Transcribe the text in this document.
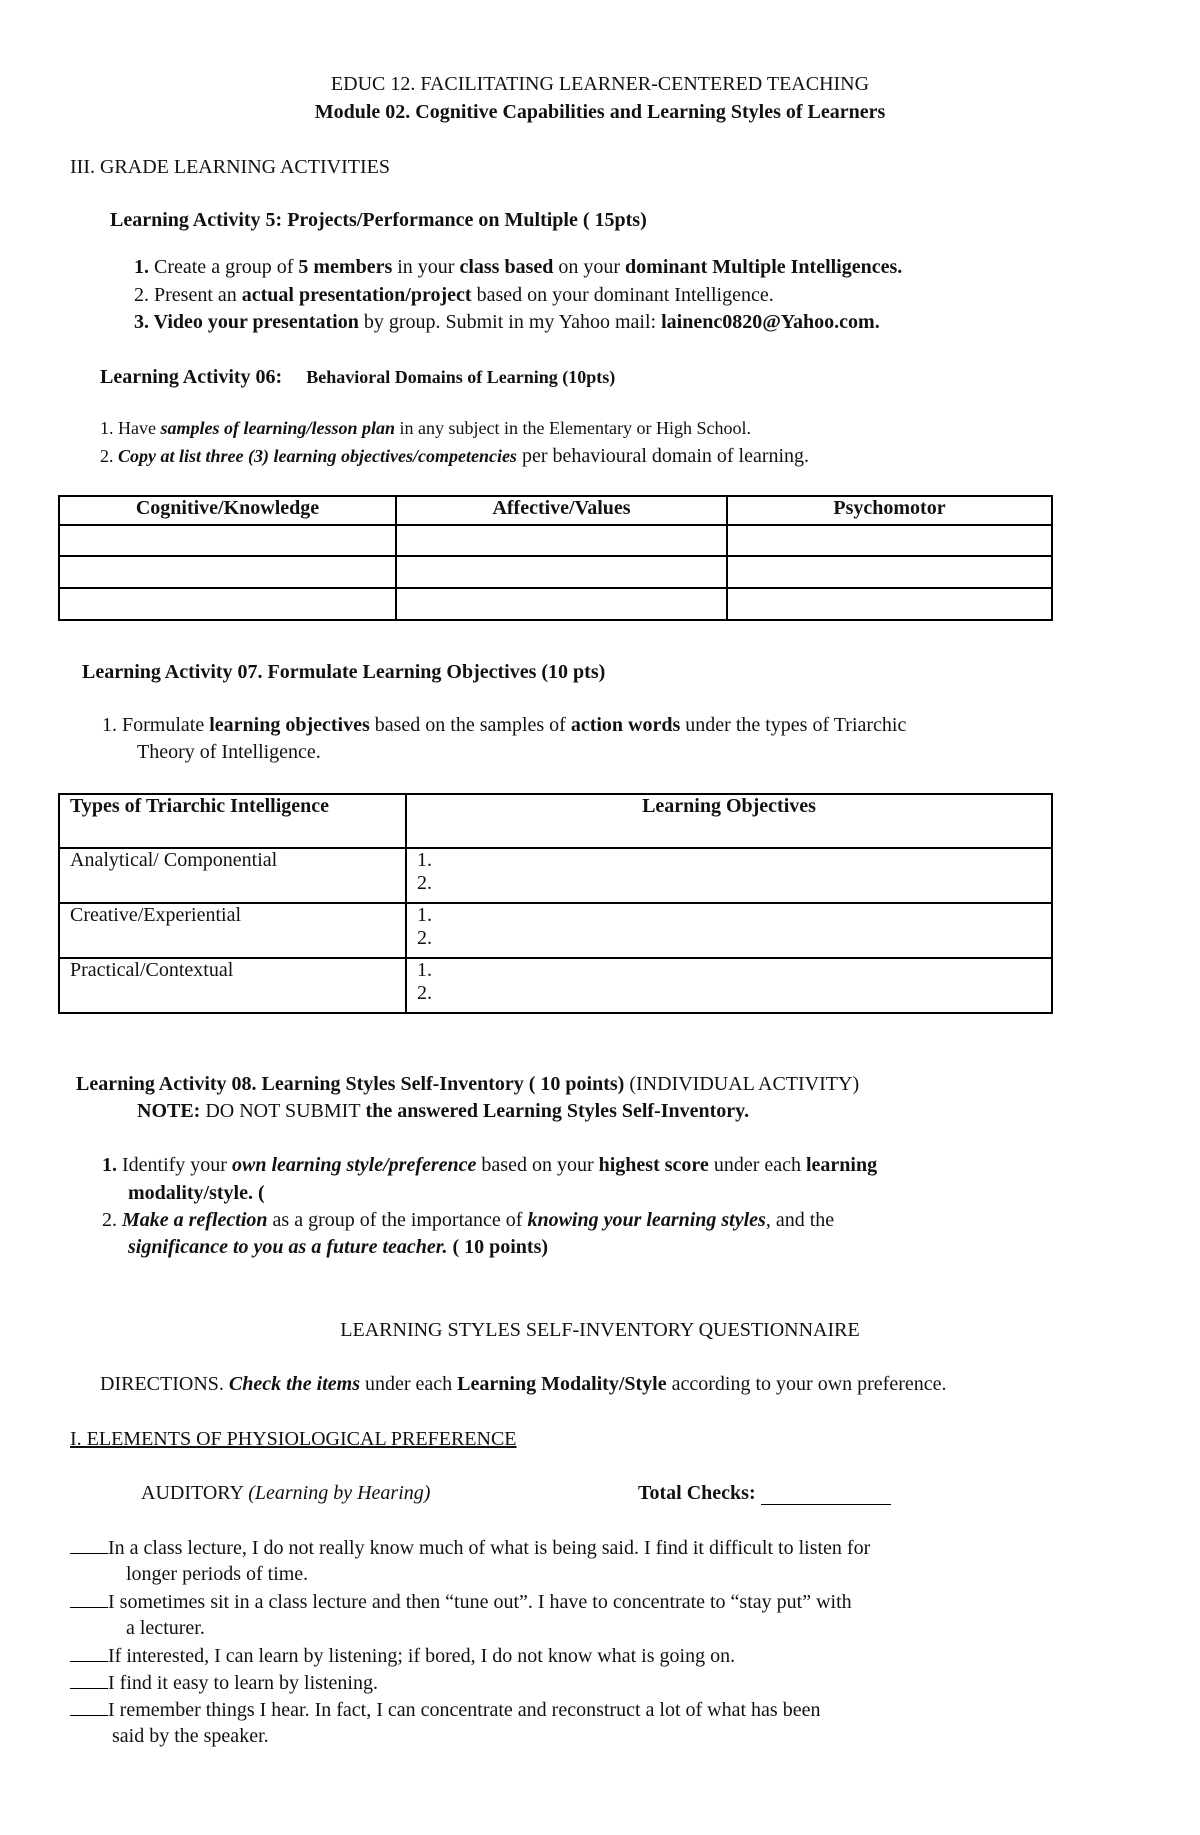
EDUC 12. FACILITATING LEARNER-CENTERED TEACHING
Module 02. Cognitive Capabilities and Learning Styles of Learners
III. GRADE LEARNING ACTIVITIES
Learning Activity 5: Projects/Performance on Multiple ( 15pts)
1. Create a group of 5 members in your class based on your dominant Multiple Intelligences.
2. Present an actual presentation/project based on your dominant Intelligence.
3. Video your presentation by group. Submit in my Yahoo mail: lainenc0820@Yahoo.com.
Learning Activity 06: Behavioral Domains of Learning (10pts)
1. Have samples of learning/lesson plan in any subject in the Elementary or High School.
2. Copy at list three (3) learning objectives/competencies per behavioural domain of learning.
Cognitive/Knowledge	Affective/Values	Psychomotor

Learning Activity 07. Formulate Learning Objectives (10 pts)
1. Formulate learning objectives based on the samples of action words under the types of Triarchic
Theory of Intelligence.
Types of Triarchic Intelligence	Learning Objectives
Analytical/ Componential	1.
2.

Creative/Experiential	1.
2.

Practical/Contextual	1.
2.
Learning Activity 08. Learning Styles Self-Inventory ( 10 points) (INDIVIDUAL ACTIVITY)
NOTE: DO NOT SUBMIT the answered Learning Styles Self-Inventory.
1. Identify your own learning style/preference based on your highest score under each learning
modality/style. (
2. Make a reflection as a group of the importance of knowing your learning styles, and the
significance to you as a future teacher. ( 10 points)
LEARNING STYLES SELF-INVENTORY QUESTIONNAIRE
DIRECTIONS. Check the items under each Learning Modality/Style according to your own preference.
I. ELEMENTS OF PHYSIOLOGICAL PREFERENCE
AUDITORY (Learning by Hearing)	Total Checks:
In a class lecture, I do not really know much of what is being said. I find it difficult to listen for
longer periods of time.
I sometimes sit in a class lecture and then “tune out”. I have to concentrate to “stay put” with
a lecturer.
If interested, I can learn by listening; if bored, I do not know what is going on.
I find it easy to learn by listening.
I remember things I hear. In fact, I can concentrate and reconstruct a lot of what has been
said by the speaker.
